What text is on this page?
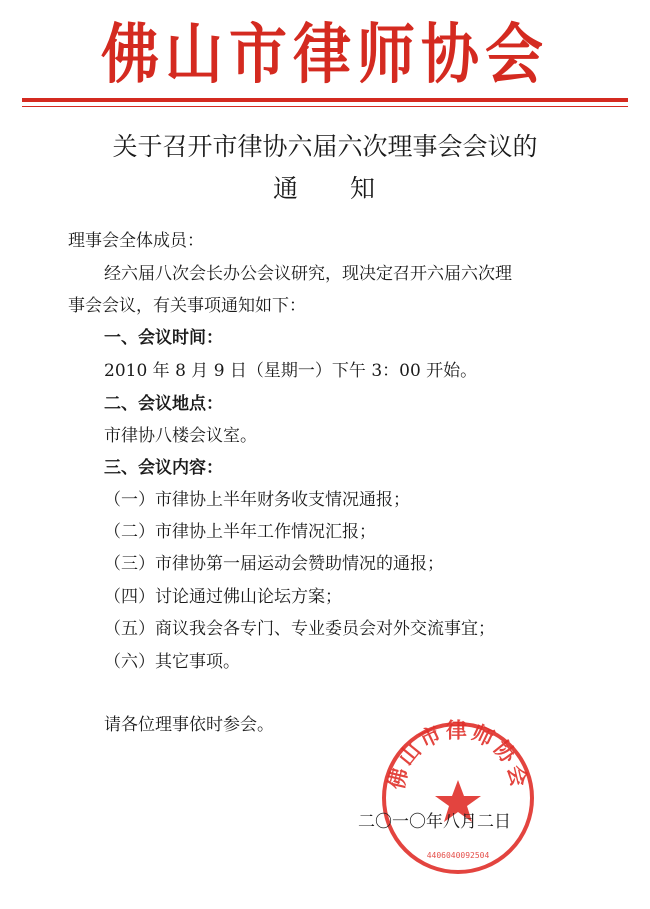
佛山市律师协会
关于召开市律协六届六次理事会会议的
通 知
理事会全体成员：
经六届八次会长办公会议研究，现决定召开六届六次理
事会会议，有关事项通知如下：
一、会议时间：
2010 年 8 月 9 日（星期一）下午 3：00 开始。
二、会议地点：
市律协八楼会议室。
三、会议内容：
（一）市律协上半年财务收支情况通报；
（二）市律协上半年工作情况汇报；
（三）市律协第一届运动会赞助情况的通报；
（四）讨论通过佛山论坛方案；
（五）商议我会各专门、专业委员会对外交流事宜；
（六）其它事项。
请各位理事依时参会。
佛山市律师协会
4406040092504
二〇一〇年八月二日
